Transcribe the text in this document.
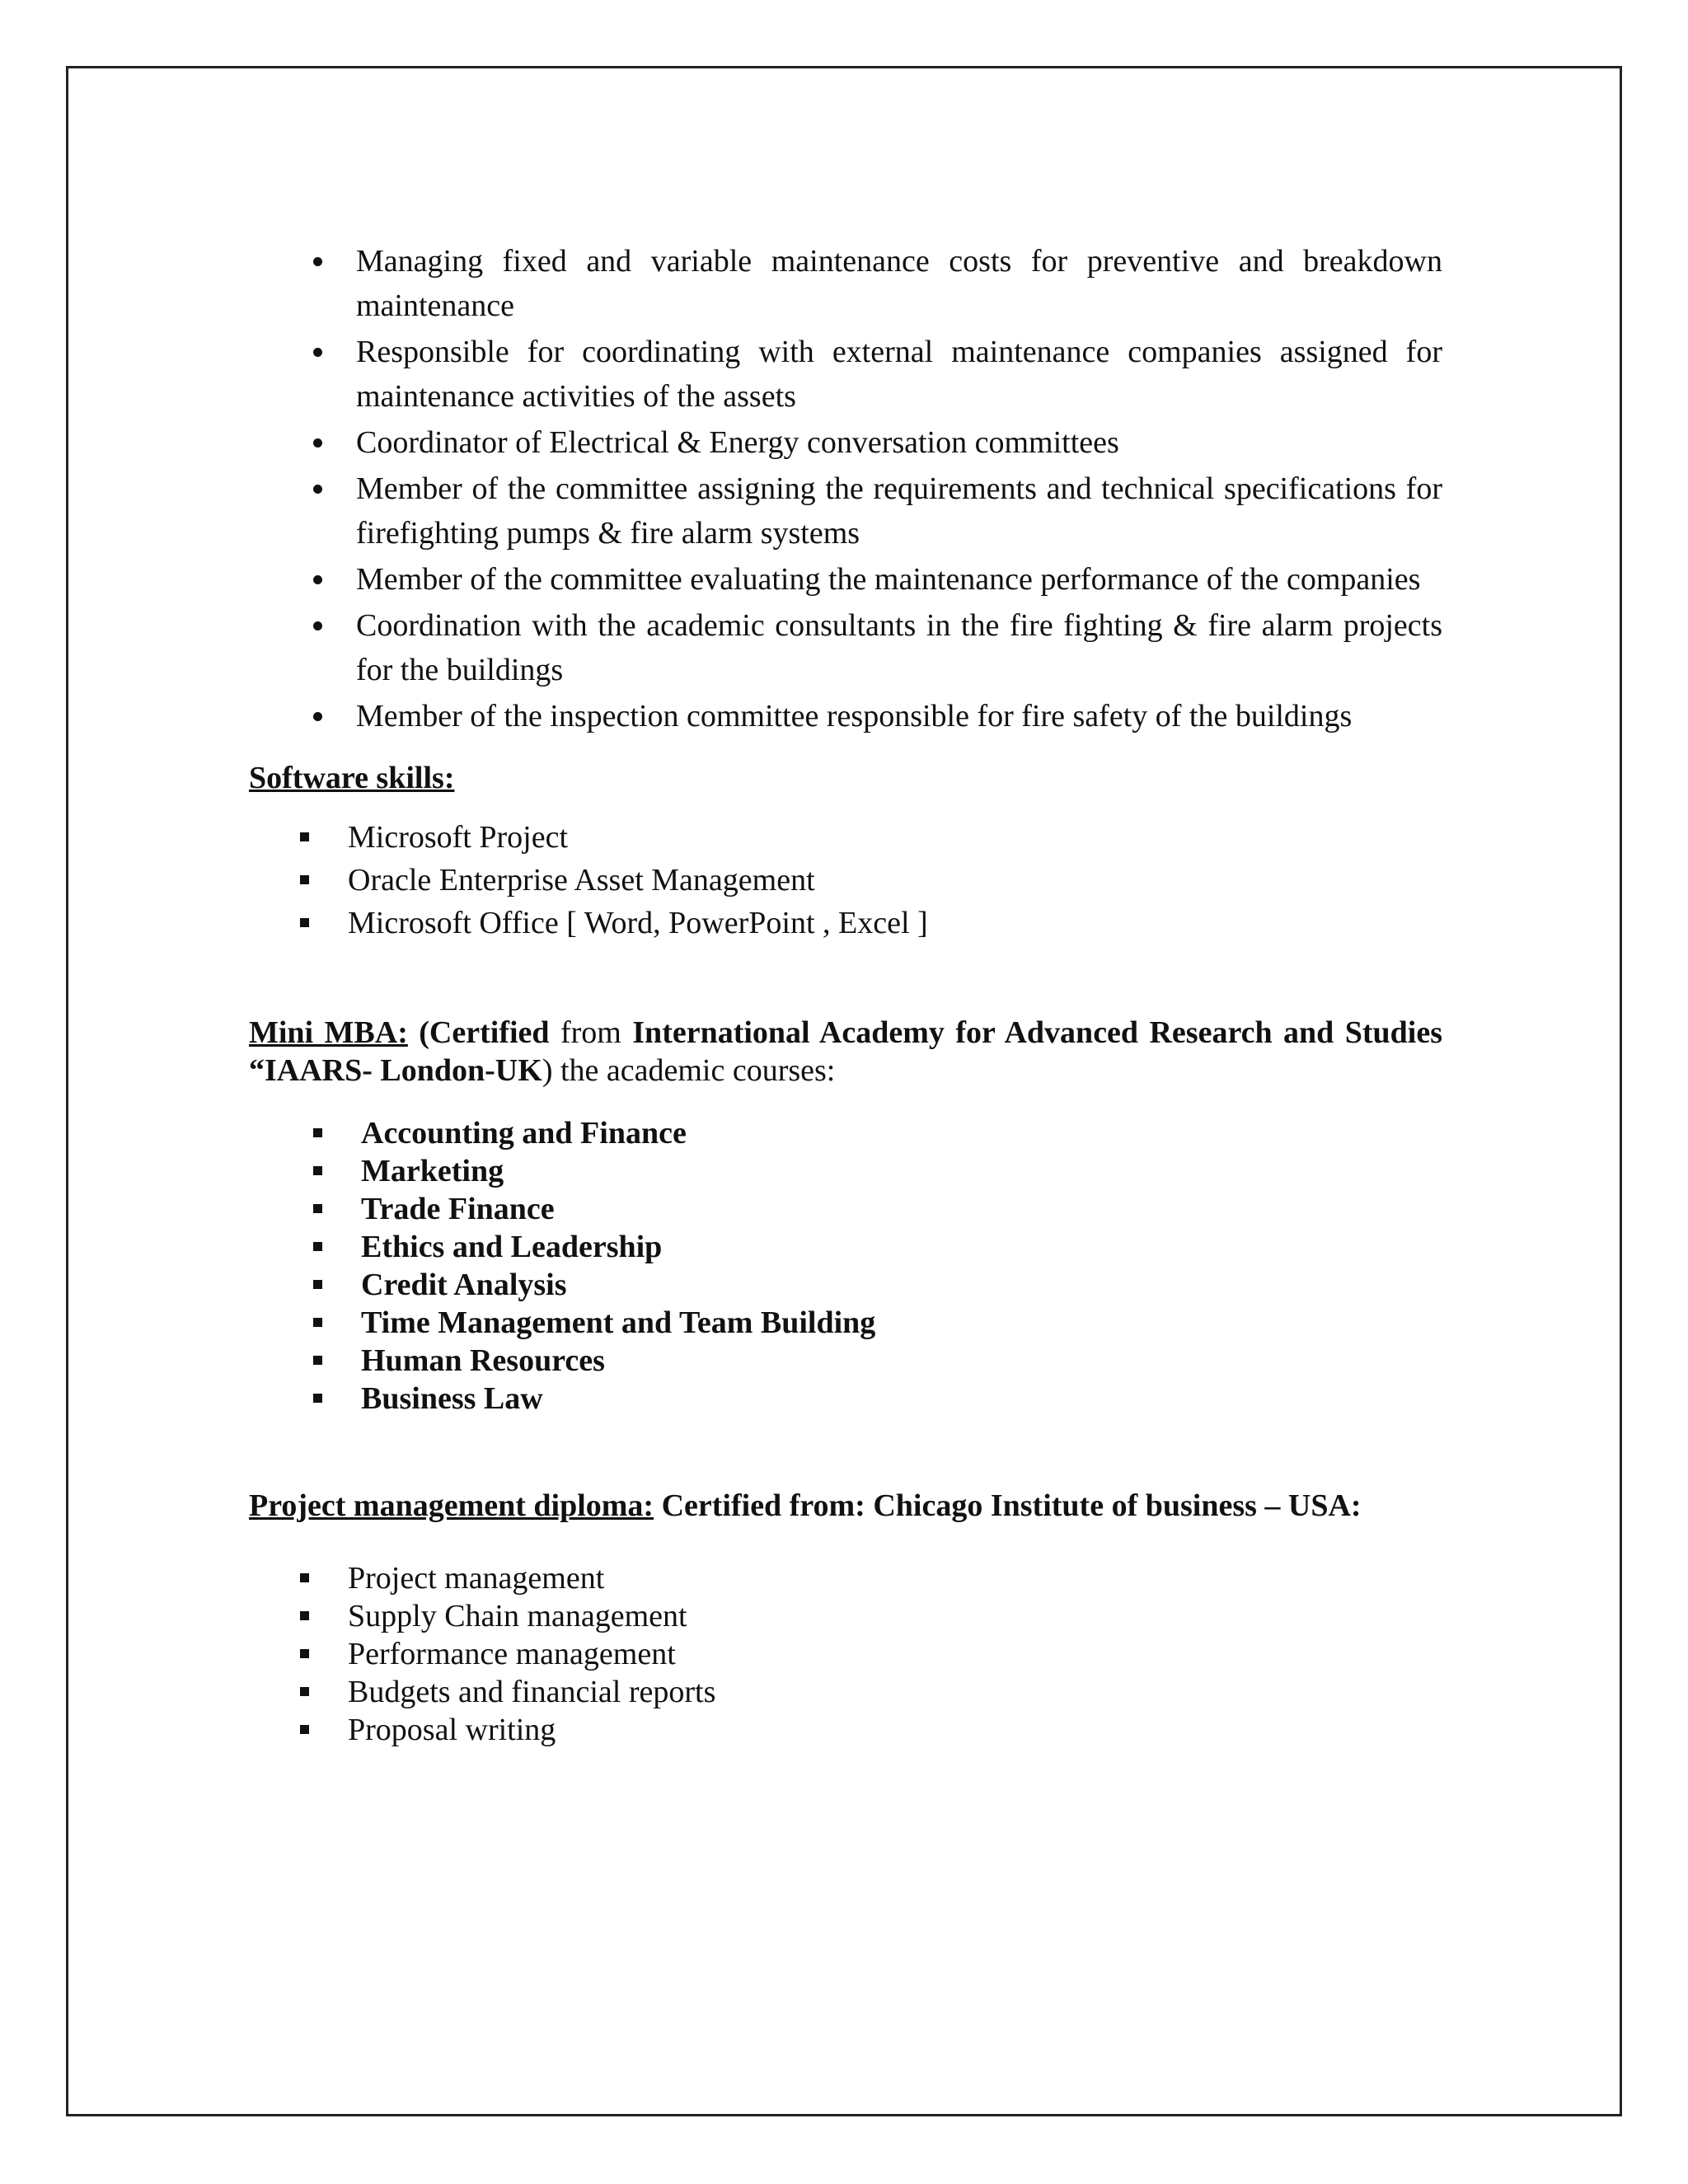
Managing fixed and variable maintenance costs for preventive and breakdown maintenance
Responsible for coordinating with external maintenance companies assigned for maintenance activities of the assets
Coordinator of Electrical & Energy conversation committees
Member of the committee assigning the requirements and technical specifications for firefighting pumps & fire alarm systems
Member of the committee evaluating the maintenance performance of the companies
Coordination with the academic consultants in the fire fighting & fire alarm projects for the buildings
Member of the inspection committee responsible for fire safety of the buildings
Software skills:
Microsoft Project
Oracle Enterprise Asset Management
Microsoft Office [ Word, PowerPoint , Excel ]
Mini MBA: (Certified from International Academy for Advanced Research and Studies “IAARS- London-UK) the academic courses:
Accounting and Finance
Marketing
Trade Finance
Ethics and Leadership
Credit Analysis
Time Management and Team Building
Human Resources
Business Law
Project management diploma: Certified from: Chicago Institute of business – USA:
Project management
Supply Chain management
Performance management
Budgets and financial reports
Proposal writing
